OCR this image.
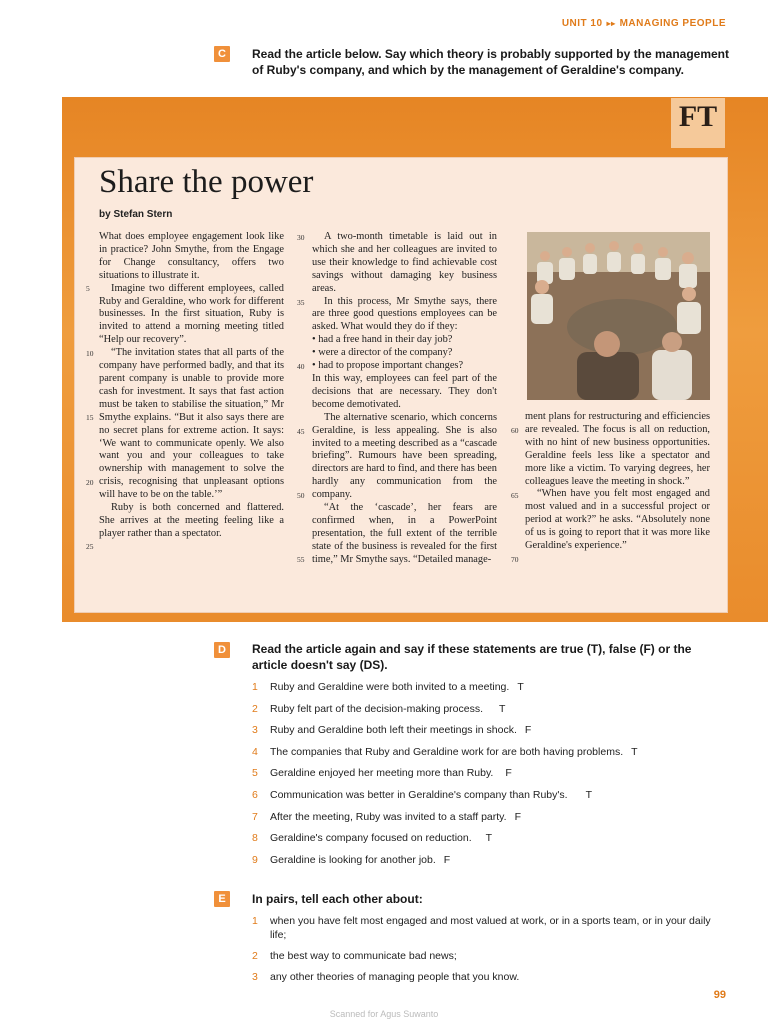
UNIT 10 ▸▸ MANAGING PEOPLE
C	Read the article below. Say which theory is probably supported by the management of Ruby's company, and which by the management of Geraldine's company.
FT
Share the power
by Stefan Stern

What does employee engagement look like in practice? John Smythe, from the Engage for Change consultancy, offers two situations to illustrate it.

Imagine two different employees, called Ruby and Geraldine, who work for different businesses. In the first situation, Ruby is invited to attend a morning meeting titled “Help our recovery”.

“The invitation states that all parts of the company have performed badly, and that its parent company is unable to provide more cash for investment. It says that fast action must be taken to stabilise the situation,” Mr Smythe explains. “But it also says there are no secret plans for extreme action. It says: ‘We want to communicate openly. We also want you and your colleagues to take ownership with management to solve the crisis, recognising that unpleasant options will have to be on the table.’”

Ruby is both concerned and flattered. She arrives at the meeting feeling like a player rather than a spectator.

A two-month timetable is laid out in which she and her colleagues are invited to use their knowledge to find achievable cost savings without damaging key business areas.

In this process, Mr Smythe says, there are three good questions employees can be asked. What would they do if they:

• had a free hand in their day job?

• were a director of the company?

• had to propose important changes?

In this way, employees can feel part of the decisions that are necessary. They don't become demotivated.

The alternative scenario, which concerns Geraldine, is less appealing. She is also invited to a meeting described as a “cascade briefing”. Rumours have been spreading, directors are hard to find, and there has been hardly any communication from the company.

“At the ‘cascade’, her fears are confirmed when, in a PowerPoint presentation, the full extent of the terrible state of the business is revealed for the first time,” Mr Smythe says. “Detailed manage-

ment plans for restructuring and efficiencies are revealed. The focus is all on reduction, with no hint of new business opportunities. Geraldine feels less like a spectator and more like a victim. To varying degrees, her colleagues leave the meeting in shock.”

“When have you felt most engaged and most valued and in a successful project or period at work?” he asks. “Absolutely none of us is going to report that it was more like Geraldine's experience.”

5
10
15
20
25
30
35
40
45
50
55
60
65
70
D	Read the article again and say if these statements are true (T), false (F) or the article doesn't say (DS).
1	Ruby and Geraldine were both invited to a meeting. T
2	Ruby felt part of the decision-making process. T
3	Ruby and Geraldine both left their meetings in shock. F
4	The companies that Ruby and Geraldine work for are both having problems. T
5	Geraldine enjoyed her meeting more than Ruby. F
6	Communication was better in Geraldine's company than Ruby's. T
7	After the meeting, Ruby was invited to a staff party. F
8	Geraldine's company focused on reduction. T
9	Geraldine is looking for another job. F
E	In pairs, tell each other about:
1	when you have felt most engaged and most valued at work, or in a sports team, or in your daily life;
2	the best way to communicate bad news;
3	any other theories of managing people that you know.
99
Scanned for Agus Suwanto
